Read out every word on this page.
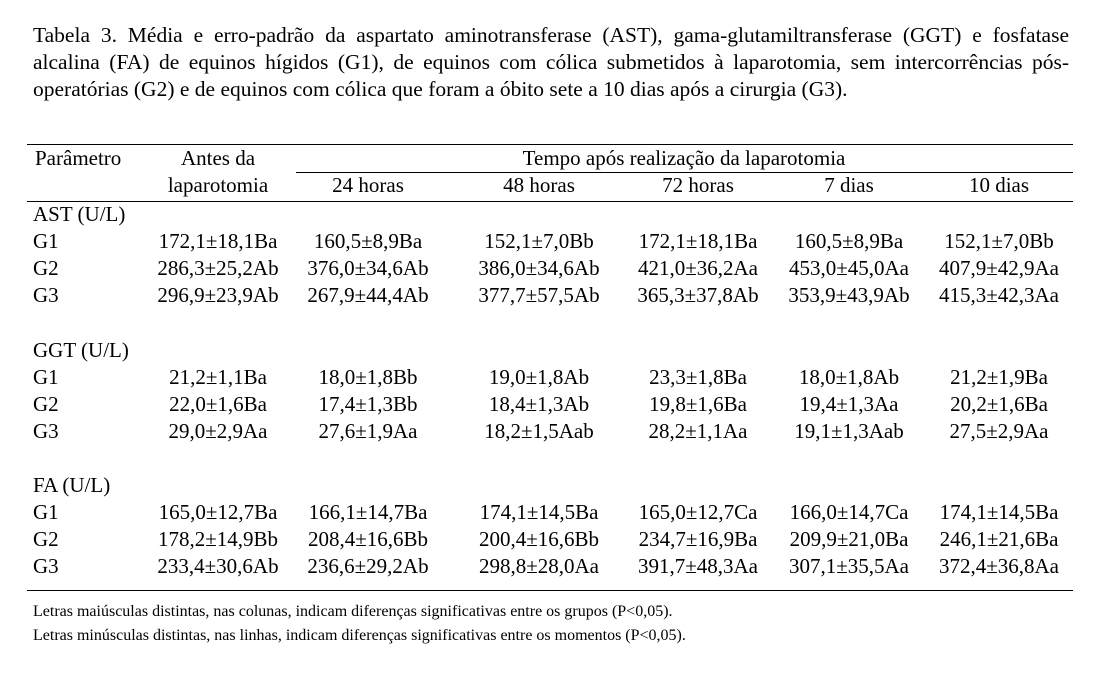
Tabela 3. Média e erro-padrão da aspartato aminotransferase (AST), gama-glutamiltransferase (GGT) e fosfatase alcalina (FA) de equinos hígidos (G1), de equinos com cólica submetidos à laparotomia, sem intercorrências pós-operatórias (G2) e de equinos com cólica que foram a óbito sete a 10 dias após a cirurgia (G3).
Parâmetro	Antes da
laparotomia
Tempo após realização da laparotomia
24 horas	48 horas	72 horas	7 dias	10 dias
AST (U/L)
G1	172,1±18,1Ba	160,5±8,9Ba	152,1±7,0Bb	172,1±18,1Ba	160,5±8,9Ba	152,1±7,0Bb
G2	286,3±25,2Ab	376,0±34,6Ab	386,0±34,6Ab	421,0±36,2Aa	453,0±45,0Aa	407,9±42,9Aa
G3	296,9±23,9Ab	267,9±44,4Ab	377,7±57,5Ab	365,3±37,8Ab	353,9±43,9Ab	415,3±42,3Aa
GGT (U/L)
G1	21,2±1,1Ba	18,0±1,8Bb	19,0±1,8Ab	23,3±1,8Ba	18,0±1,8Ab	21,2±1,9Ba
G2	22,0±1,6Ba	17,4±1,3Bb	18,4±1,3Ab	19,8±1,6Ba	19,4±1,3Aa	20,2±1,6Ba
G3	29,0±2,9Aa	27,6±1,9Aa	18,2±1,5Aab	28,2±1,1Aa	19,1±1,3Aab	27,5±2,9Aa
FA (U/L)
G1	165,0±12,7Ba	166,1±14,7Ba	174,1±14,5Ba	165,0±12,7Ca	166,0±14,7Ca	174,1±14,5Ba
G2	178,2±14,9Bb	208,4±16,6Bb	200,4±16,6Bb	234,7±16,9Ba	209,9±21,0Ba	246,1±21,6Ba
G3	233,4±30,6Ab	236,6±29,2Ab	298,8±28,0Aa	391,7±48,3Aa	307,1±35,5Aa	372,4±36,8Aa
Letras maiúsculas distintas, nas colunas, indicam diferenças significativas entre os grupos (P<0,05).
Letras minúsculas distintas, nas linhas, indicam diferenças significativas entre os momentos (P<0,05).
